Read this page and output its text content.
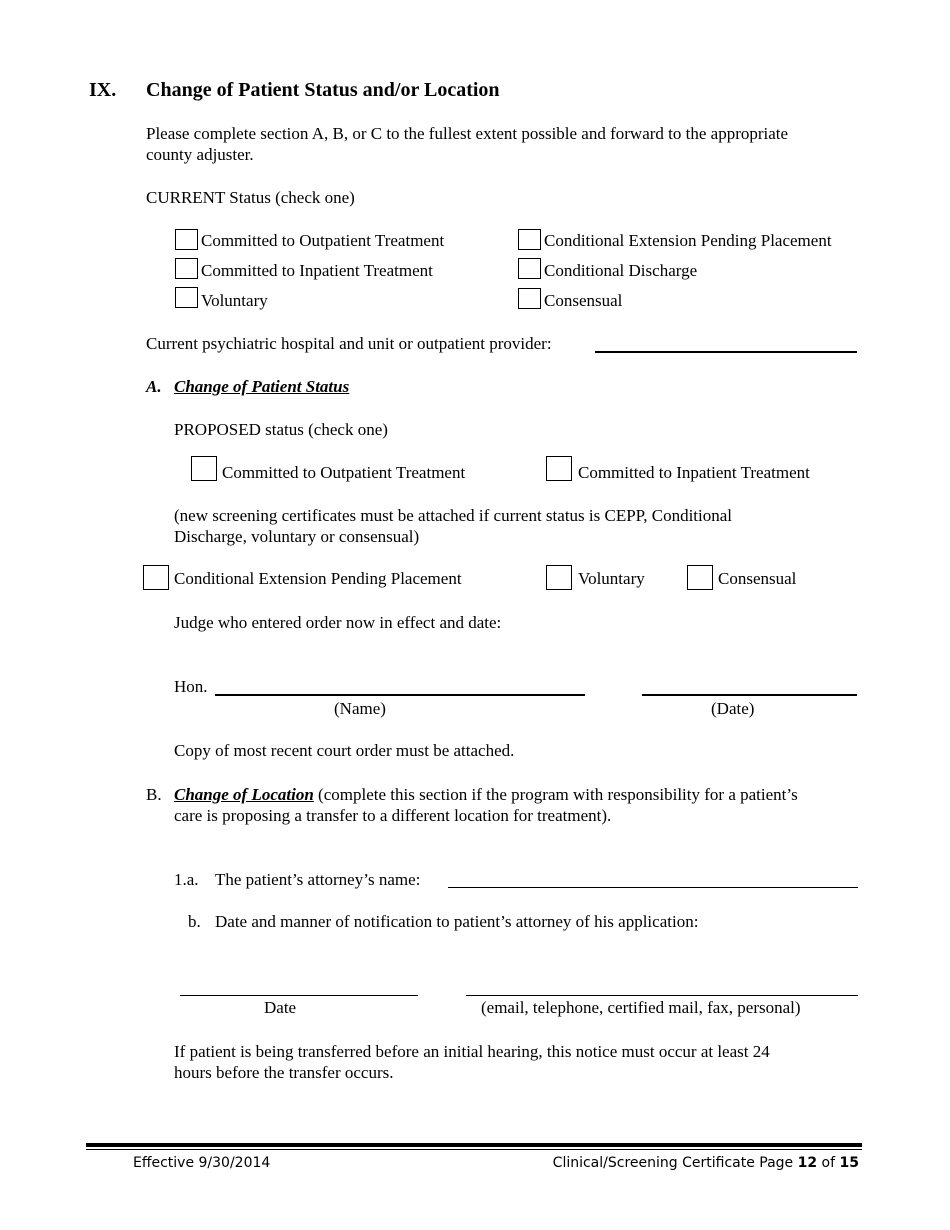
IX. Change of Patient Status and/or Location
Please complete section A, B, or C to the fullest extent possible and forward to the appropriate
county adjuster.
CURRENT Status (check one)
Committed to Outpatient Treatment
Committed to Inpatient Treatment
Voluntary
Conditional Extension Pending Placement
Conditional Discharge
Consensual
Current psychiatric hospital and unit or outpatient provider:
A. Change of Patient Status
PROPOSED status (check one)
Committed to Outpatient Treatment	Committed to Inpatient Treatment
(new screening certificates must be attached if current status is CEPP, Conditional
Discharge, voluntary or consensual)
Conditional Extension Pending Placement	Voluntary	Consensual
Judge who entered order now in effect and date:
Hon.
(Name)	(Date)
Copy of most recent court order must be attached.
B. Change of Location (complete this section if the program with responsibility for a patient’s
care is proposing a transfer to a different location for treatment).
1.a. The patient’s attorney’s name:
b. Date and manner of notification to patient’s attorney of his application:
Date	(email, telephone, certified mail, fax, personal)
If patient is being transferred before an initial hearing, this notice must occur at least 24
hours before the transfer occurs.
Effective 9/30/2014	Clinical/Screening Certificate Page 12 of 15
